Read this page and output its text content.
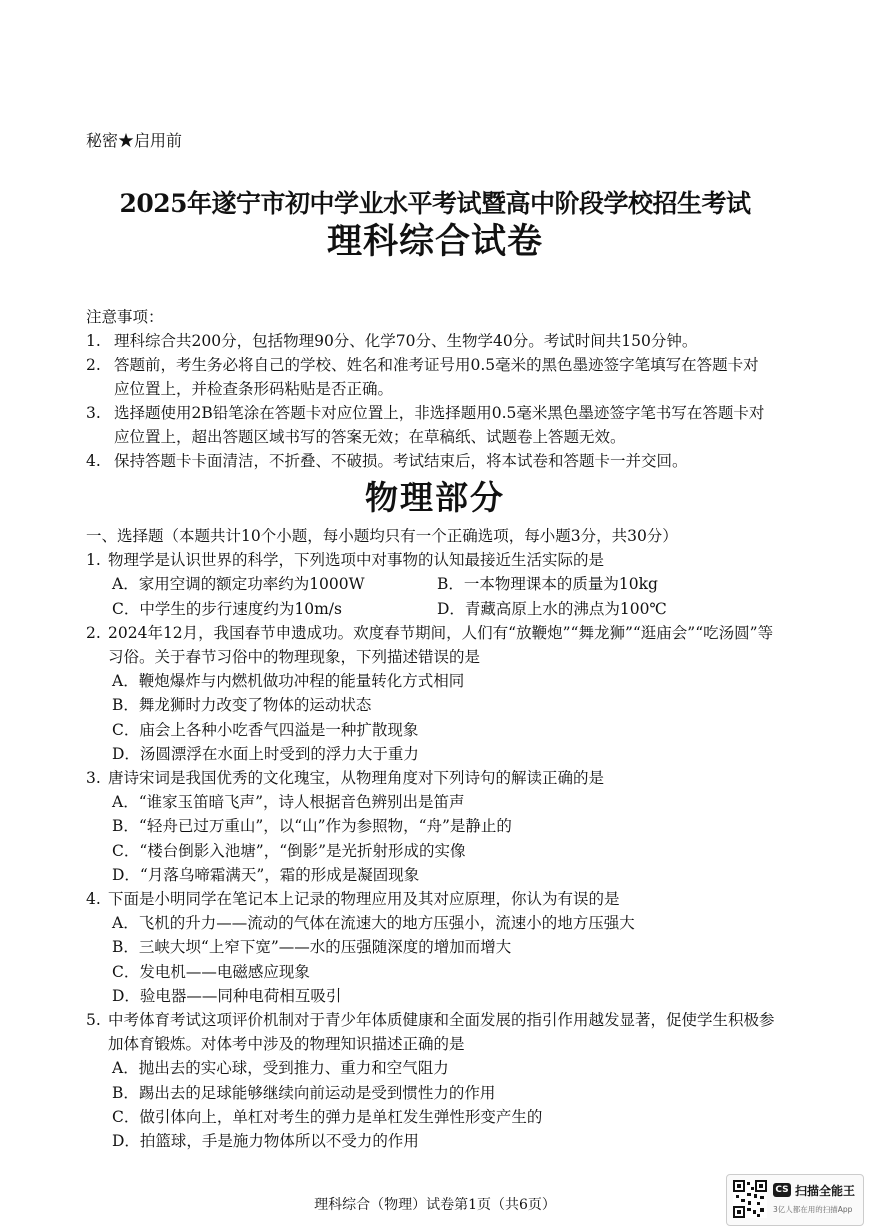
秘密★启用前
2025年遂宁市初中学业水平考试暨高中阶段学校招生考试
理科综合试卷
注意事项：
1. 理科综合共200分，包括物理90分、化学70分、生物学40分。考试时间共150分钟。
2. 答题前，考生务必将自己的学校、姓名和准考证号用0.5毫米的黑色墨迹签字笔填写在答题卡对应位置上，并检查条形码粘贴是否正确。
3. 选择题使用2B铅笔涂在答题卡对应位置上，非选择题用0.5毫米黑色墨迹签字笔书写在答题卡对应位置上，超出答题区域书写的答案无效；在草稿纸、试题卷上答题无效。
4. 保持答题卡卡面清洁，不折叠、不破损。考试结束后，将本试卷和答题卡一并交回。
物理部分
一、选择题（本题共计10个小题，每小题均只有一个正确选项，每小题3分，共30分）
1. 物理学是认识世界的科学，下列选项中对事物的认知最接近生活实际的是
A．家用空调的额定功率约为1000W	B．一本物理课本的质量为10kg
C．中学生的步行速度约为10m/s	D．青藏高原上水的沸点为100℃
2. 2024年12月，我国春节申遗成功。欢度春节期间，人们有“放鞭炮”“舞龙狮”“逛庙会”“吃汤圆”等习俗。关于春节习俗中的物理现象，下列描述错误的是
A．鞭炮爆炸与内燃机做功冲程的能量转化方式相同
B．舞龙狮时力改变了物体的运动状态
C．庙会上各种小吃香气四溢是一种扩散现象
D．汤圆漂浮在水面上时受到的浮力大于重力
3. 唐诗宋词是我国优秀的文化瑰宝，从物理角度对下列诗句的解读正确的是
A．“谁家玉笛暗飞声”，诗人根据音色辨别出是笛声
B．“轻舟已过万重山”，以“山”作为参照物，“舟”是静止的
C．“楼台倒影入池塘”，“倒影”是光折射形成的实像
D．“月落乌啼霜满天”，霜的形成是凝固现象
4. 下面是小明同学在笔记本上记录的物理应用及其对应原理，你认为有误的是
A．飞机的升力——流动的气体在流速大的地方压强小，流速小的地方压强大
B．三峡大坝“上窄下宽”——水的压强随深度的增加而增大
C．发电机——电磁感应现象
D．验电器——同种电荷相互吸引
5. 中考体育考试这项评价机制对于青少年体质健康和全面发展的指引作用越发显著，促使学生积极参加体育锻炼。对体考中涉及的物理知识描述正确的是
A．抛出去的实心球，受到推力、重力和空气阻力
B．踢出去的足球能够继续向前运动是受到惯性力的作用
C．做引体向上，单杠对考生的弹力是单杠发生弹性形变产生的
D．拍篮球，手是施力物体所以不受力的作用
理科综合（物理）试卷第1页（共6页）
CS 扫描全能王
3亿人都在用的扫描App
